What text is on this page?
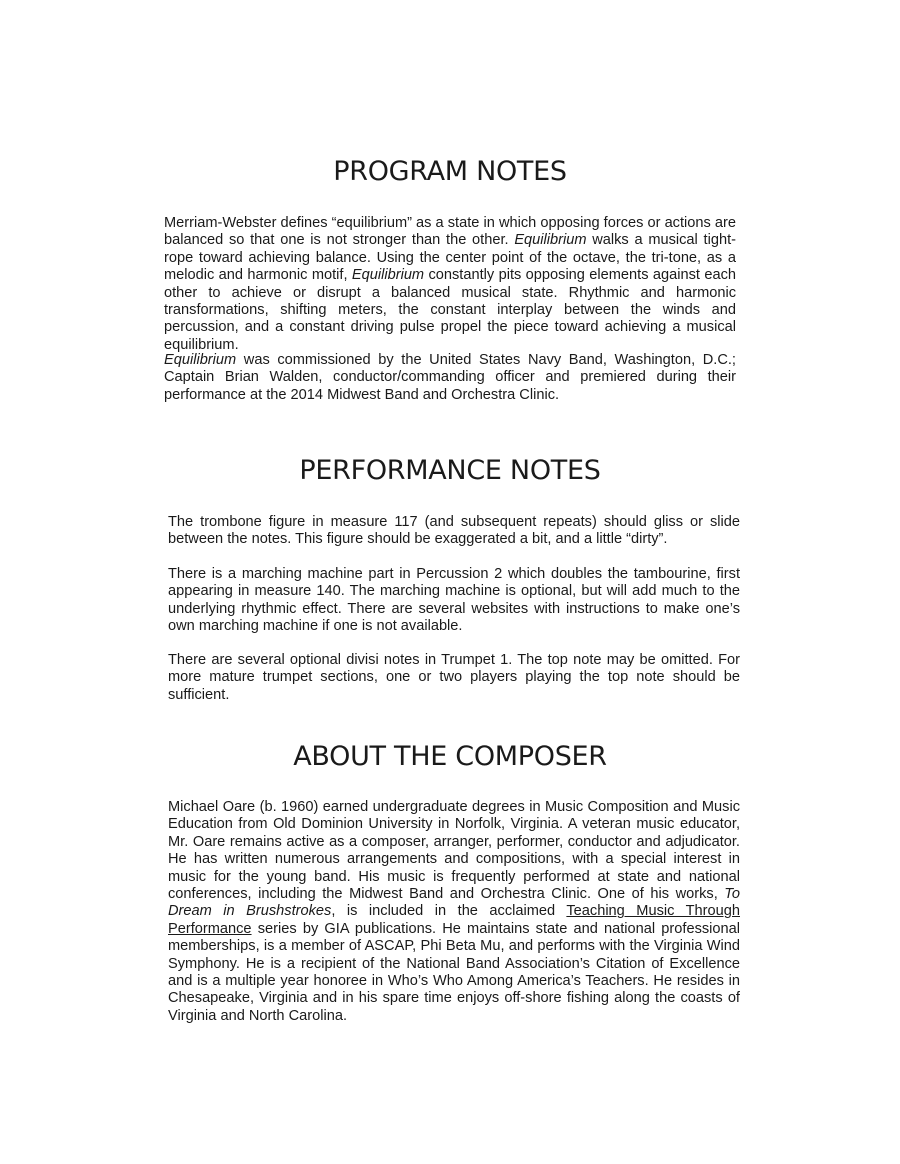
PROGRAM NOTES

Merriam-Webster defines “equilibrium” as a state in which opposing forces or actions are balanced so that one is not stronger than the other. Equilibrium walks a musical tight-rope toward achieving balance. Using the center point of the octave, the tri-tone, as a melodic and harmonic motif, Equilibrium constantly pits opposing elements against each other to achieve or disrupt a balanced musical state. Rhythmic and harmonic transformations, shifting meters, the constant interplay between the winds and percussion, and a constant driving pulse propel the piece toward achieving a musical equilibrium.

Equilibrium was commissioned by the United States Navy Band, Washington, D.C.; Captain Brian Walden, conductor/commanding officer and premiered during their performance at the 2014 Midwest Band and Orchestra Clinic.

PERFORMANCE NOTES

The trombone figure in measure 117 (and subsequent repeats) should gliss or slide between the notes. This figure should be exaggerated a bit, and a little “dirty”.

There is a marching machine part in Percussion 2 which doubles the tambourine, first appearing in measure 140. The marching machine is optional, but will add much to the underlying rhythmic effect. There are several websites with instructions to make one’s own marching machine if one is not available.

There are several optional divisi notes in Trumpet 1. The top note may be omitted. For more mature trumpet sections, one or two players playing the top note should be sufficient.

ABOUT THE COMPOSER

Michael Oare (b. 1960) earned undergraduate degrees in Music Composition and Music Education from Old Dominion University in Norfolk, Virginia. A veteran music educator, Mr. Oare remains active as a composer, arranger, performer, conductor and adjudicator. He has written numerous arrangements and compositions, with a special interest in music for the young band. His music is frequently performed at state and national conferences, including the Midwest Band and Orchestra Clinic. One of his works, To Dream in Brushstrokes, is included in the acclaimed Teaching Music Through Performance series by GIA publications. He maintains state and national professional memberships, is a member of ASCAP, Phi Beta Mu, and performs with the Virginia Wind Symphony. He is a recipient of the National Band Association’s Citation of Excellence and is a multiple year honoree in Who’s Who Among America’s Teachers. He resides in Chesapeake, Virginia and in his spare time enjoys off-shore fishing along the coasts of Virginia and North Carolina.
